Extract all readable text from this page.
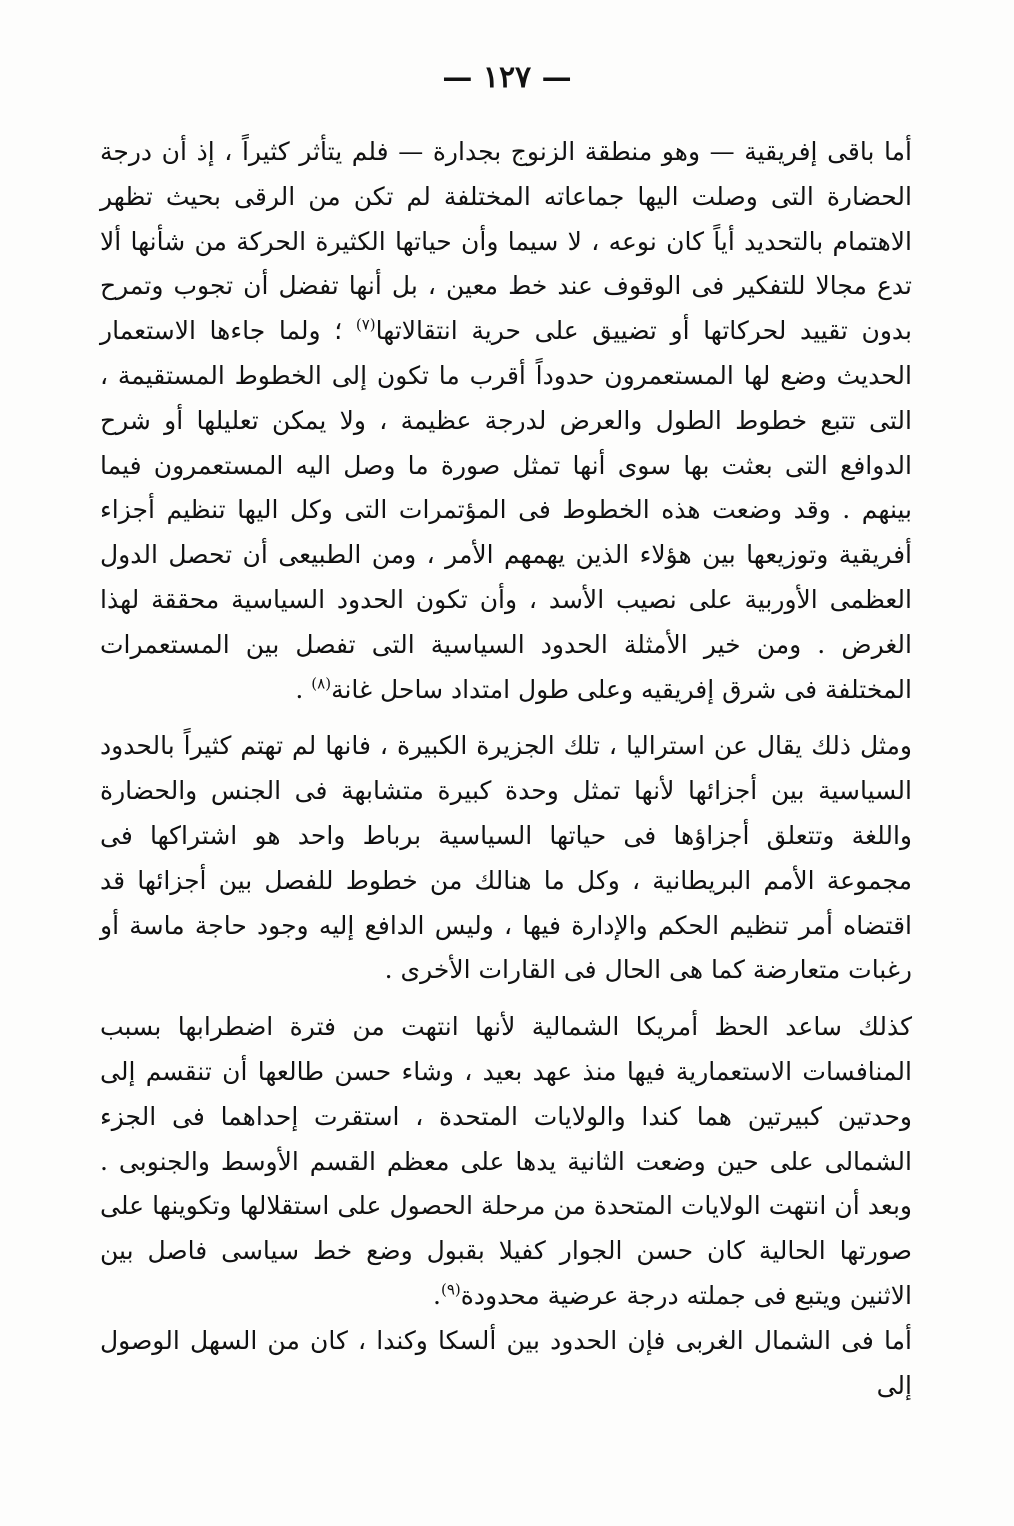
— ١٢٧ —

أما باقى إفريقية — وهو منطقة الزنوج بجدارة — فلم يتأثر كثيراً ، إذ أن درجة الحضارة التى وصلت اليها جماعاته المختلفة لم تكن من الرقى بحيث تظهر الاهتمام بالتحديد أياً كان نوعه ، لا سيما وأن حياتها الكثيرة الحركة من شأنها ألا تدع مجالا للتفكير فى الوقوف عند خط معين ، بل أنها تفضل أن تجوب وتمرح بدون تقييد لحركاتها أو تضييق على حرية انتقالاتها$^{(٧)}$ ؛ ولما جاءها الاستعمار الحديث وضع لها المستعمرون حدوداً أقرب ما تكون إلى الخطوط المستقيمة ، التى تتبع خطوط الطول والعرض لدرجة عظيمة ، ولا يمكن تعليلها أو شرح الدوافع التى بعثت بها سوى أنها تمثل صورة ما وصل اليه المستعمرون فيما بينهم . وقد وضعت هذه الخطوط فى المؤتمرات التى وكل اليها تنظيم أجزاء أفريقية وتوزيعها بين هؤلاء الذين يهمهم الأمر ، ومن الطبيعى أن تحصل الدول العظمى الأوربية على نصيب الأسد ، وأن تكون الحدود السياسية محققة لهذا الغرض . ومن خير الأمثلة الحدود السياسية التى تفصل بين المستعمرات المختلفة فى شرق إفريقيه وعلى طول امتداد ساحل غانة$^{(٨)}$ .

ومثل ذلك يقال عن استراليا ، تلك الجزيرة الكبيرة ، فانها لم تهتم كثيراً بالحدود السياسية بين أجزائها لأنها تمثل وحدة كبيرة متشابهة فى الجنس والحضارة واللغة وتتعلق أجزاؤها فى حياتها السياسية برباط واحد هو اشتراكها فى مجموعة الأمم البريطانية ، وكل ما هنالك من خطوط للفصل بين أجزائها قد اقتضاه أمر تنظيم الحكم والإدارة فيها ، وليس الدافع إليه وجود حاجة ماسة أو رغبات متعارضة كما هى الحال فى القارات الأخرى .

كذلك ساعد الحظ أمريكا الشمالية لأنها انتهت من فترة اضطرابها بسبب المنافسات الاستعمارية فيها منذ عهد بعيد ، وشاء حسن طالعها أن تنقسم إلى وحدتين كبيرتين هما كندا والولايات المتحدة ، استقرت إحداهما فى الجزء الشمالى على حين وضعت الثانية يدها على معظم القسم الأوسط والجنوبى . وبعد أن انتهت الولايات المتحدة من مرحلة الحصول على استقلالها وتكوينها على صورتها الحالية كان حسن الجوار كفيلا بقبول وضع خط سياسى فاصل بين الاثنين ويتبع فى جملته درجة عرضية محدودة$^{(٩)}$.

أما فى الشمال الغربى فإن الحدود بين ألسكا وكندا ، كان من السهل الوصول إلى
